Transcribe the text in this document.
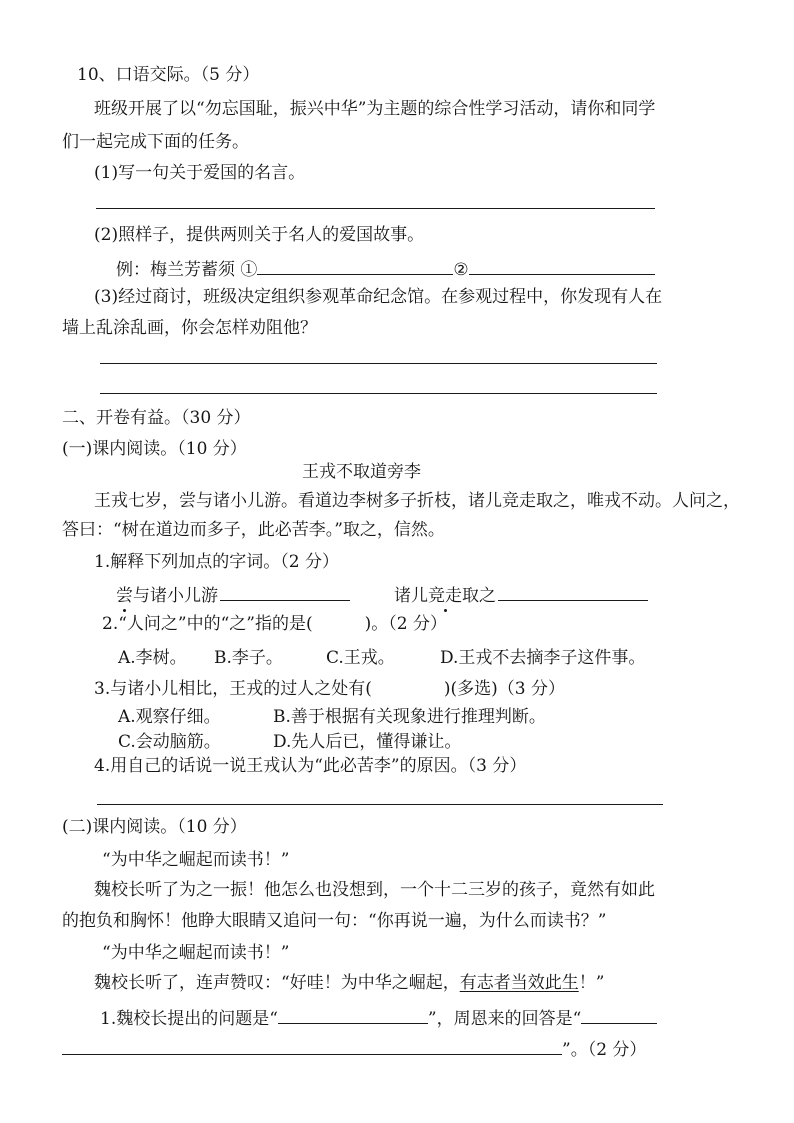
10、口语交际。（5 分）
班级开展了以“勿忘国耻，振兴中华”为主题的综合性学习活动，请你和同学
们一起完成下面的任务。
(1)写一句关于爱国的名言。
(2)照样子，提供两则关于名人的爱国故事。
例：梅兰芳蓄须 ①	②
(3)经过商讨，班级决定组织参观革命纪念馆。在参观过程中，你发现有人在
墙上乱涂乱画，你会怎样劝阻他？
二、开卷有益。（30 分）
(一)课内阅读。（10 分）
王戎不取道旁李
王戎七岁，尝与诸小儿游。看道边李树多子折枝，诸儿竞走取之，唯戎不动。人问之，
答曰：“树在道边而多子，此必苦李。”取之，信然。
1.解释下列加点的字词。（2 分）
尝与诸小儿游	诸儿竞走取之
2.“人问之”中的“之”指的是(	)。（2 分）
A.李树。 B.李子。	C.王戎。	D.王戎不去摘李子这件事。
3.与诸小儿相比，王戎的过人之处有(	)(多选)（3 分）
A.观察仔细。	B.善于根据有关现象进行推理判断。
C.会动脑筋。	D.先人后已，懂得谦让。
4.用自己的话说一说王戎认为“此必苦李”的原因。（3 分）
(二)课内阅读。（10 分）
“为中华之崛起而读书！”
魏校长听了为之一振！他怎么也没想到，一个十二三岁的孩子，竟然有如此
的抱负和胸怀！他睁大眼睛又追问一句：“你再说一遍，为什么而读书？”
“为中华之崛起而读书！”
魏校长听了，连声赞叹：“好哇！为中华之崛起，有志者当效此生！”
1.魏校长提出的问题是“	”，周恩来的回答是“
”。（2 分）
